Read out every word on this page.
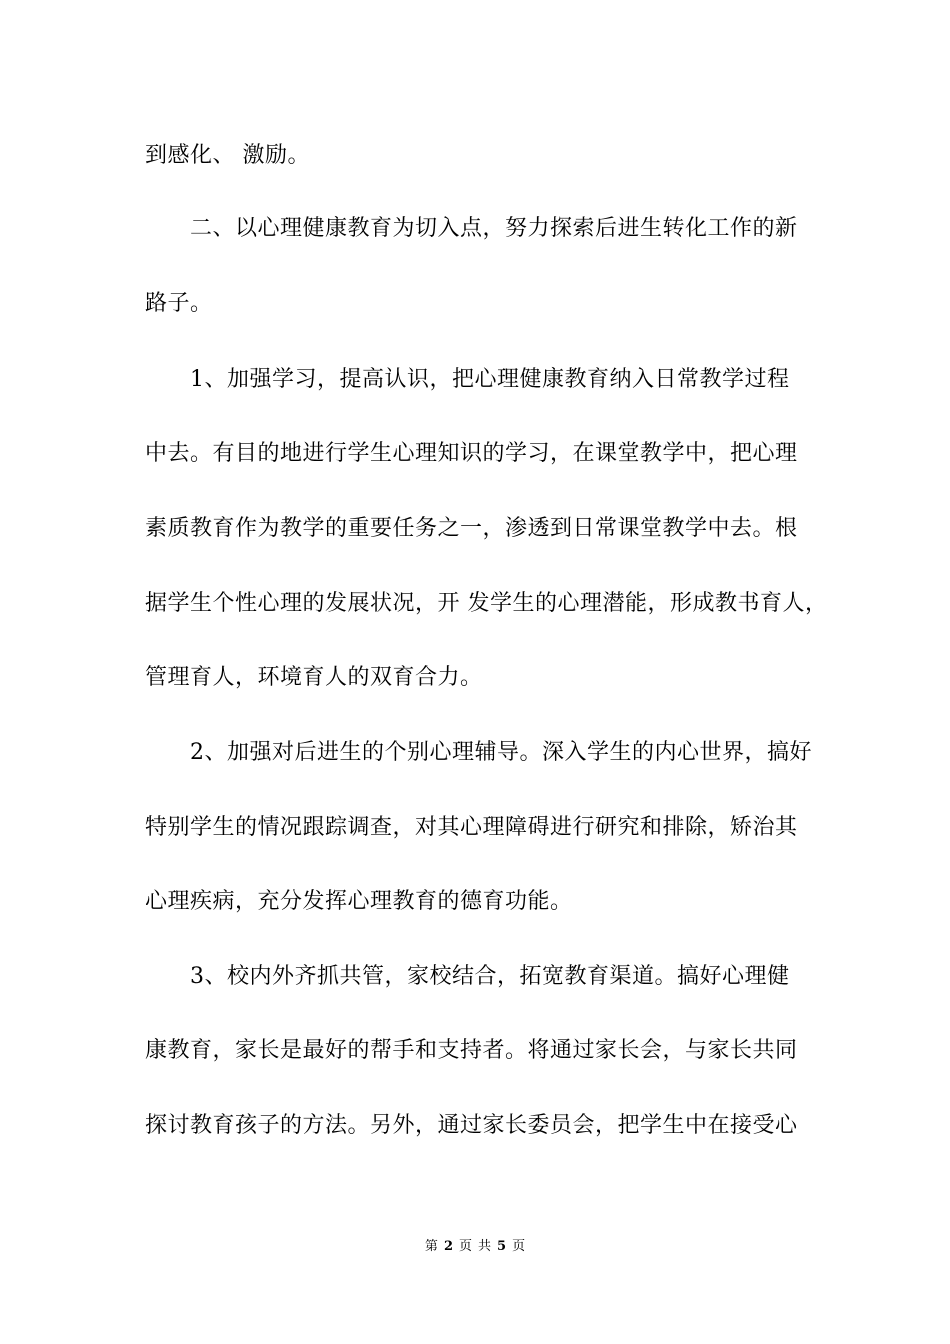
到感化、 激励。
二、以心理健康教育为切入点，努力探索后进生转化工作的新
路子。
1、加强学习，提高认识，把心理健康教育纳入日常教学过程
中去。有目的地进行学生心理知识的学习，在课堂教学中，把心理
素质教育作为教学的重要任务之一，渗透到日常课堂教学中去。根
据学生个性心理的发展状况，开 发学生的心理潜能，形成教书育人，
管理育人，环境育人的双育合力。
2、加强对后进生的个别心理辅导。深入学生的内心世界，搞好
特别学生的情况跟踪调查，对其心理障碍进行研究和排除，矫治其
心理疾病，充分发挥心理教育的德育功能。
3、校内外齐抓共管，家校结合，拓宽教育渠道。搞好心理健
康教育，家长是最好的帮手和支持者。将通过家长会，与家长共同
探讨教育孩子的方法。另外，通过家长委员会，把学生中在接受心
第 2 页 共 5 页
